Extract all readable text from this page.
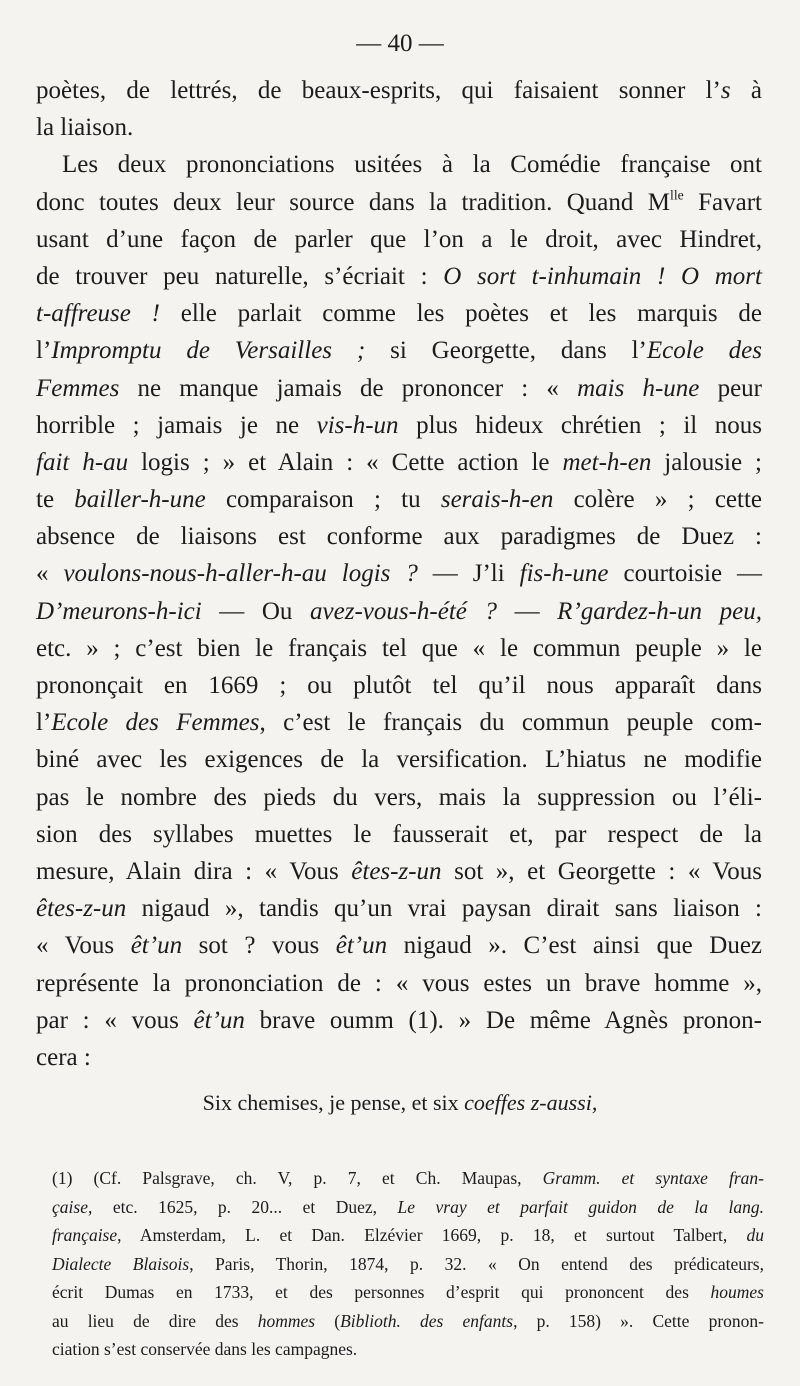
— 40 —
poètes, de lettrés, de beaux-esprits, qui faisaient sonner l’s à
la liaison.
Les deux prononciations usitées à la Comédie française ont
donc toutes deux leur source dans la tradition. Quand $M^{lle}$ Favart
usant d’une façon de parler que l’on a le droit, avec Hindret,
de trouver peu naturelle, s’écriait : O sort t-inhumain ! O mort
t-affreuse ! elle parlait comme les poètes et les marquis de
l’Impromptu de Versailles ; si Georgette, dans l’Ecole des
Femmes ne manque jamais de prononcer : « mais h-une peur
horrible ; jamais je ne vis-h-un plus hideux chrétien ; il nous
fait h-au logis ; » et Alain : « Cette action le met-h-en jalousie ;
te bailler-h-une comparaison ; tu serais-h-en colère » ; cette
absence de liaisons est conforme aux paradigmes de Duez :
« voulons-nous-h-aller-h-au logis ? — J’li fis-h-une courtoisie —
D’meurons-h-ici — Ou avez-vous-h-été ? — R’gardez-h-un peu,
etc. » ; c’est bien le français tel que « le commun peuple » le
prononçait en 1669 ; ou plutôt tel qu’il nous apparaît dans
l’Ecole des Femmes, c’est le français du commun peuple com-
biné avec les exigences de la versification. L’hiatus ne modifie
pas le nombre des pieds du vers, mais la suppression ou l’éli-
sion des syllabes muettes le fausserait et, par respect de la
mesure, Alain dira : « Vous êtes-z-un sot », et Georgette : « Vous
êtes-z-un nigaud », tandis qu’un vrai paysan dirait sans liaison :
« Vous êt’un sot ? vous êt’un nigaud ». C’est ainsi que Duez
représente la prononciation de : « vous estes un brave homme »,
par : « vous êt’un brave oumm (1). » De même Agnès pronon-
cera :
Six chemises, je pense, et six coeffes z-aussi,
(1) (Cf. Palsgrave, ch. V, p. 7, et Ch. Maupas, Gramm. et syntaxe fran-
çaise, etc. 1625, p. 20... et Duez, Le vray et parfait guidon de la lang.
française, Amsterdam, L. et Dan. Elzévier 1669, p. 18, et surtout Talbert, du
Dialecte Blaisois, Paris, Thorin, 1874, p. 32. « On entend des prédicateurs,
écrit Dumas en 1733, et des personnes d’esprit qui prononcent des houmes
au lieu de dire des hommes (Biblioth. des enfants, p. 158) ». Cette pronon-
ciation s’est conservée dans les campagnes.
